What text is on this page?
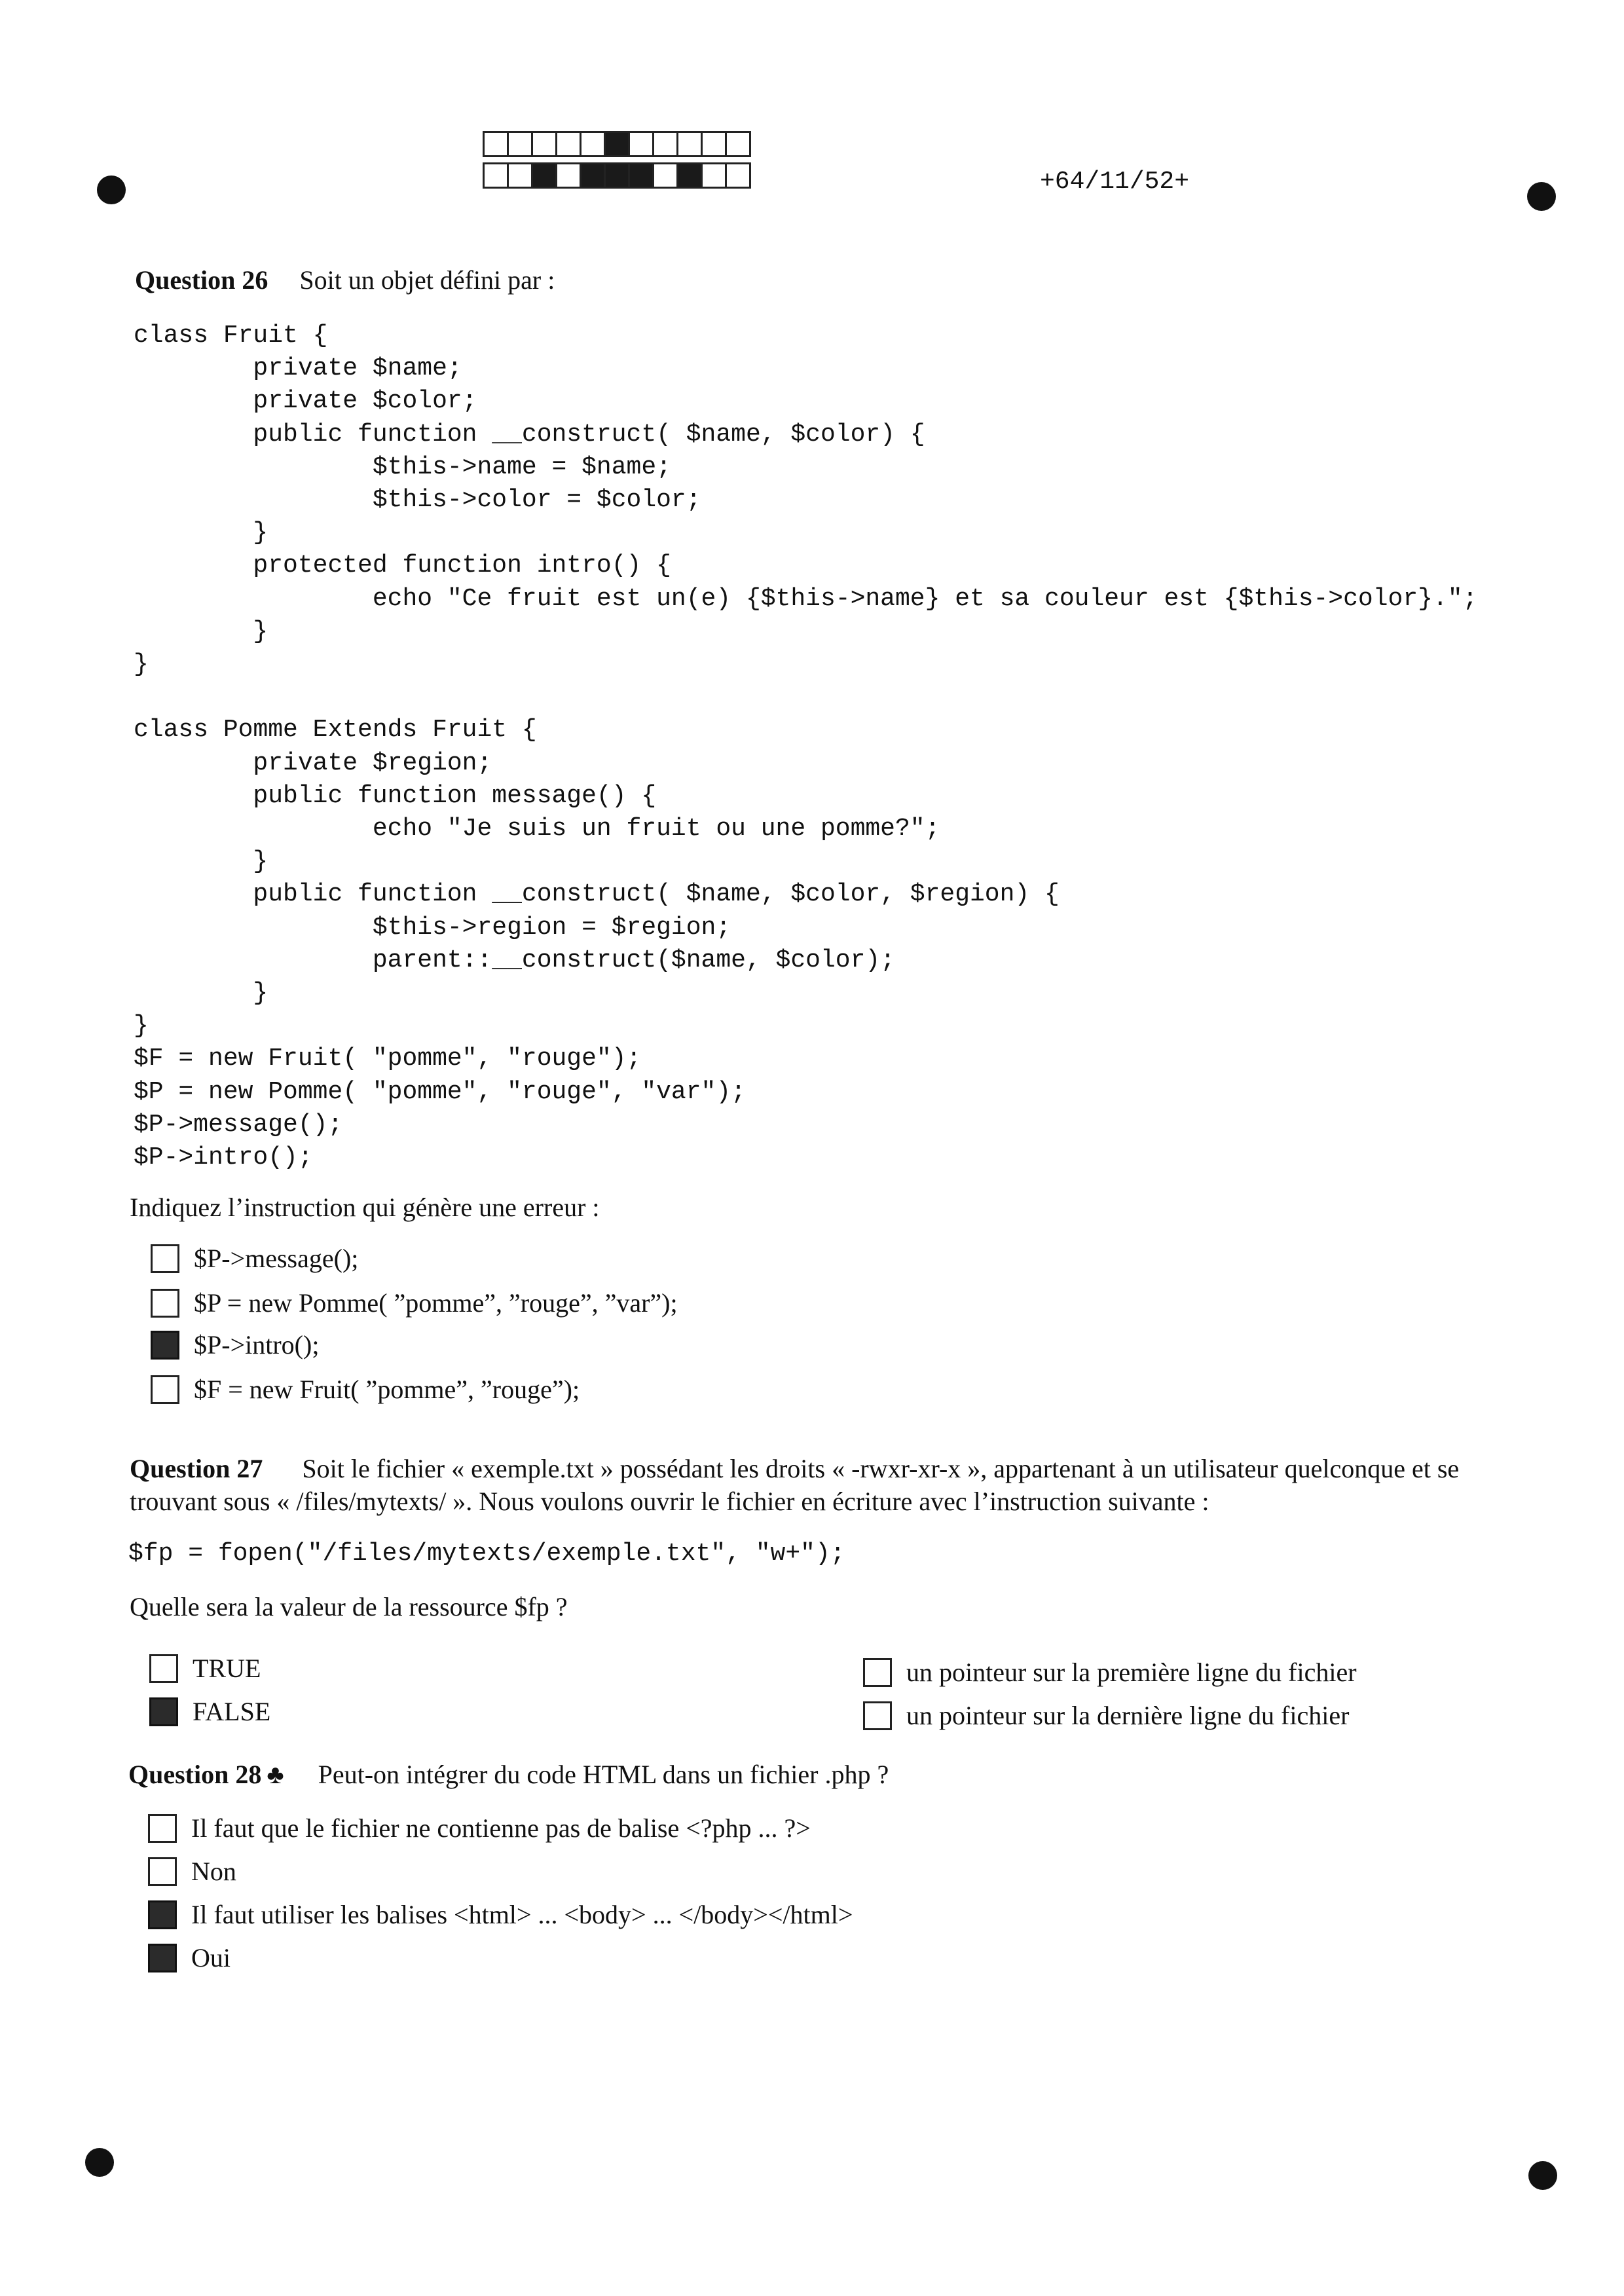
+64/11/52+
Question 26 Soit un objet défini par :
class Fruit {
private $name;
private $color;
public function __construct( $name, $color) {
$this->name = $name;
$this->color = $color;
}
protected function intro() {
echo "Ce fruit est un(e) {$this->name} et sa couleur est {$this->color}.";
}
}

class Pomme Extends Fruit {
private $region;
public function message() {
echo "Je suis un fruit ou une pomme?";
}
public function __construct( $name, $color, $region) {
$this->region = $region;
parent::__construct($name, $color);
}
}
$F = new Fruit( "pomme", "rouge");
$P = new Pomme( "pomme", "rouge", "var");
$P->message();
$P->intro();
Indiquez l’instruction qui génère une erreur :
$P->message();
$P = new Pomme( ”pomme”, ”rouge”, ”var”);
$P->intro();
$F = new Fruit( ”pomme”, ”rouge”);
Question 27 Soit le fichier « exemple.txt » possédant les droits « -rwxr-xr-x », appartenant à un utilisateur quelconque et se trouvant sous « /files/mytexts/ ». Nous voulons ouvrir le fichier en écriture avec l’instruction suivante :
$fp = fopen("/files/mytexts/exemple.txt", "w+");
Quelle sera la valeur de la ressource $fp ?
TRUE
FALSE
un pointeur sur la première ligne du fichier
un pointeur sur la dernière ligne du fichier
Question 28 ♣ Peut-on intégrer du code HTML dans un fichier .php ?
Il faut que le fichier ne contienne pas de balise <?php ... ?>
Non
Il faut utiliser les balises <html> ... <body> ... </body></html>
Oui
